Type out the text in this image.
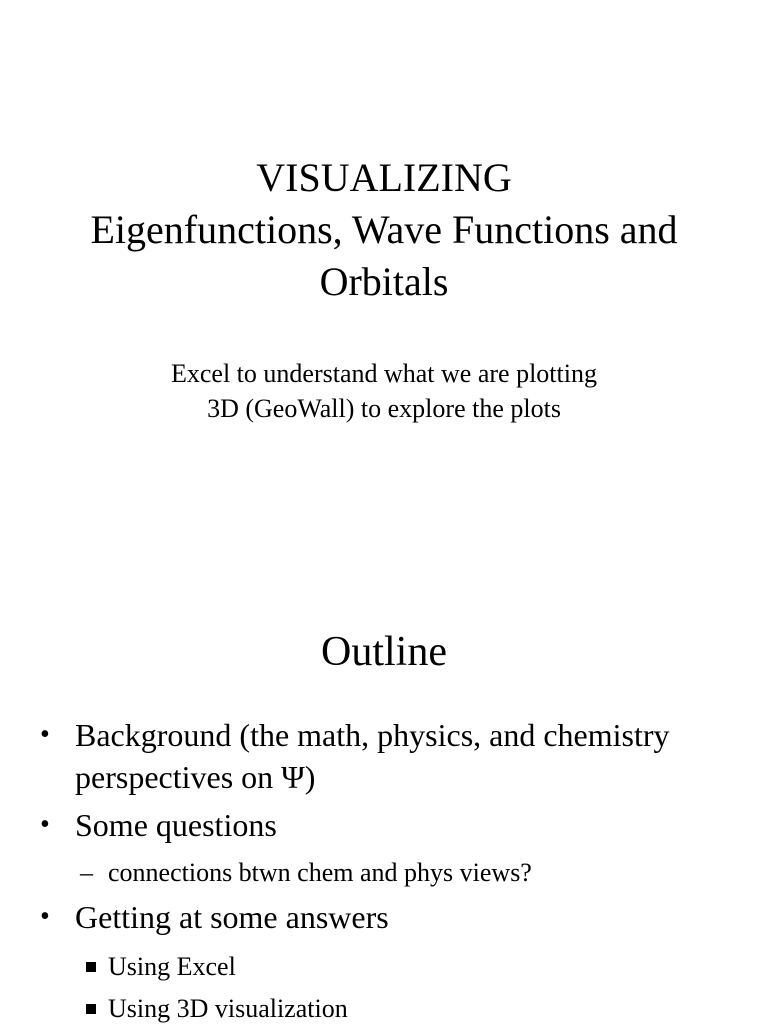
VISUALIZING

Eigenfunctions, Wave Functions and

Orbitals

Excel to understand what we are plotting

3D (GeoWall) to explore the plots

Outline
• Background (the math, physics, and chemistry perspectives on Ψ)
• Some questions
– connections btwn chem and phys views?
• Getting at some answers
Using Excel
Using 3D visualization
